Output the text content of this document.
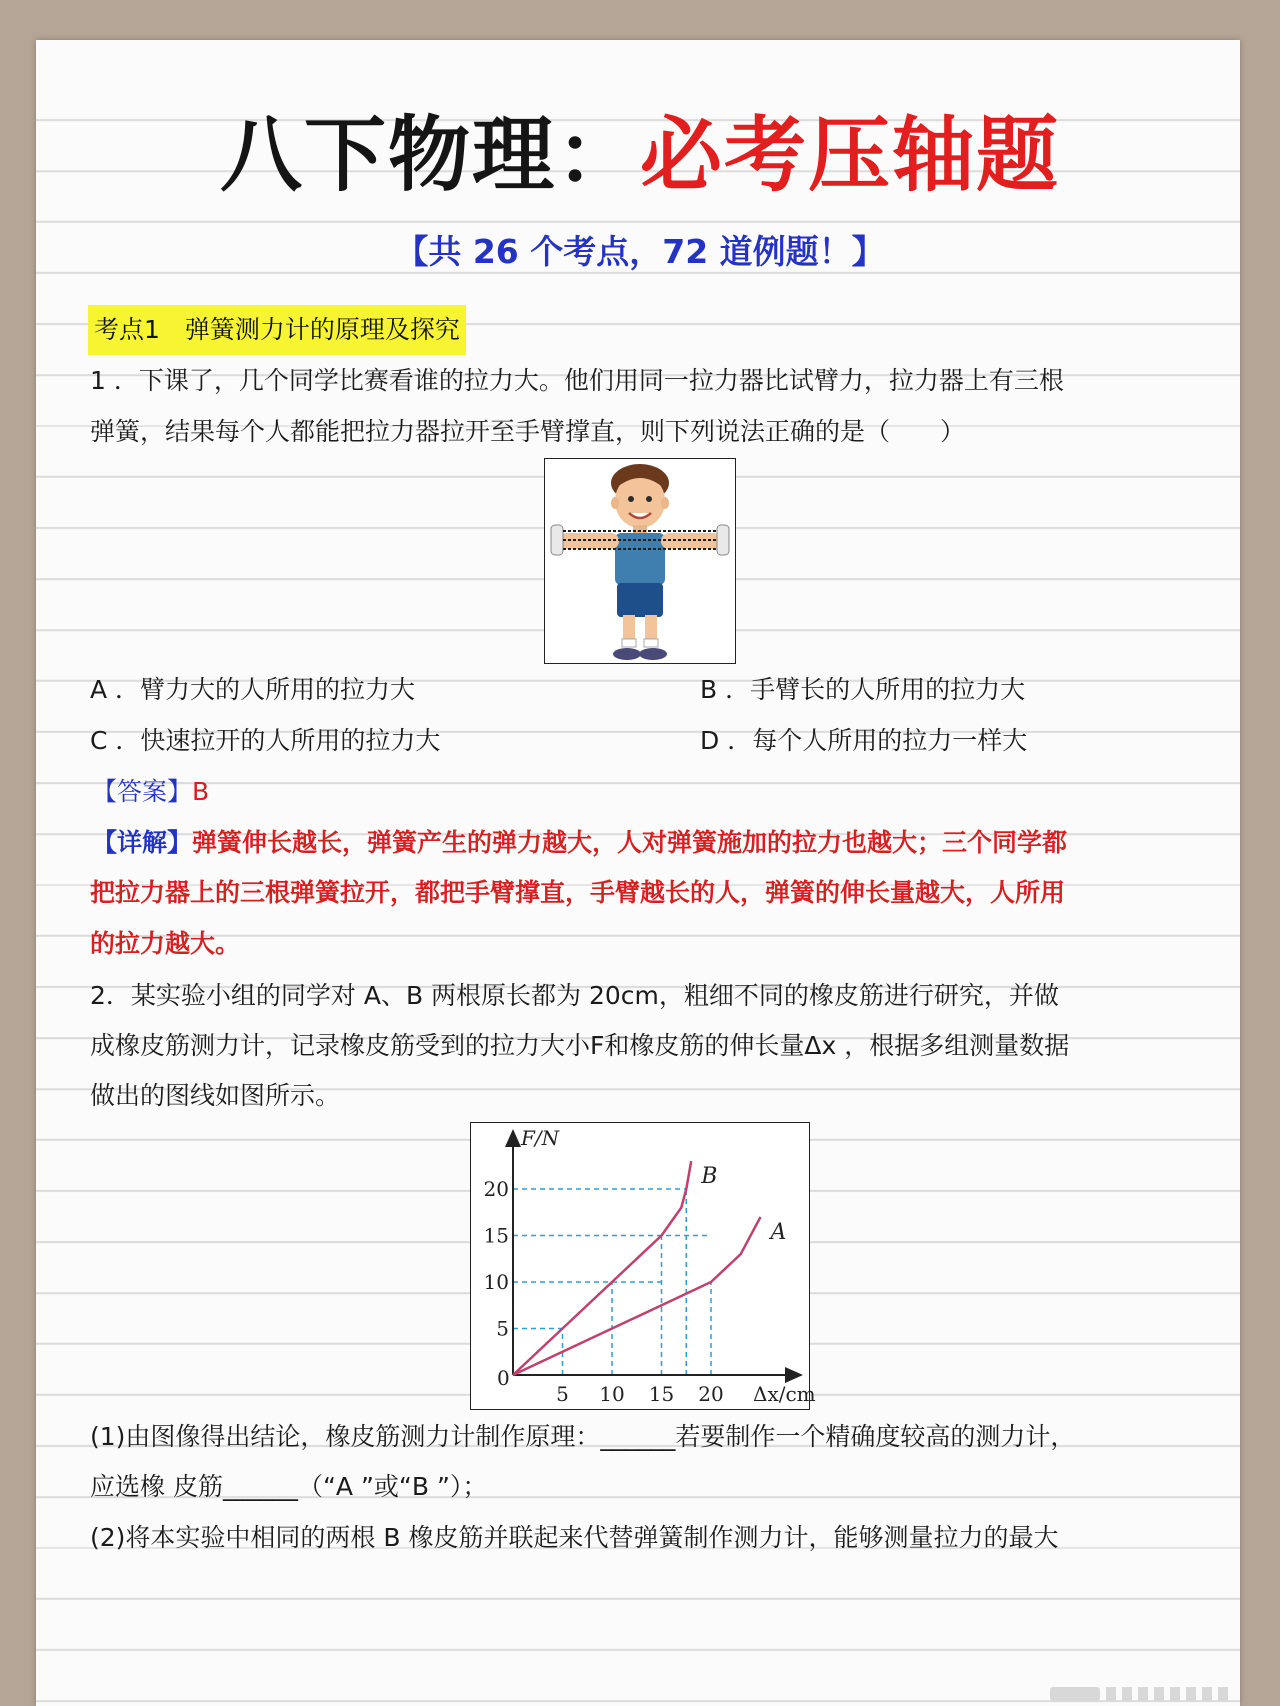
八下物理：必考压轴题
【共 26 个考点，72 道例题！】
考点1　弹簧测力计的原理及探究
1 ．下课了，几个同学比赛看谁的拉力大。他们用同一拉力器比试臂力，拉力器上有三根
弹簧，结果每个人都能把拉力器拉开至手臂撑直，则下列说法正确的是（　　）
A ．臂力大的人所用的拉力大	B ．手臂长的人所用的拉力大
C ．快速拉开的人所用的拉力大	D ．每个人所用的拉力一样大
【答案】B
【详解】弹簧伸长越长，弹簧产生的弹力越大，人对弹簧施加的拉力也越大；三个同学都
把拉力器上的三根弹簧拉开，都把手臂撑直，手臂越长的人，弹簧的伸长量越大，人所用
的拉力越大。
2．某实验小组的同学对 A、B 两根原长都为 20cm，粗细不同的橡皮筋进行研究，并做
成橡皮筋测力计，记录橡皮筋受到的拉力大小F和橡皮筋的伸长量Δx ，根据多组测量数据
做出的图线如图所示。
5
10
15
20
5 10 15 20
B
A
F/N
Δx/cm
0
(1)由图像得出结论，橡皮筋测力计制作原理：______若要制作一个精确度较高的测力计，
应选橡 皮筋______（“A ”或“B ”）；
(2)将本实验中相同的两根 B 橡皮筋并联起来代替弹簧制作测力计，能够测量拉力的最大
